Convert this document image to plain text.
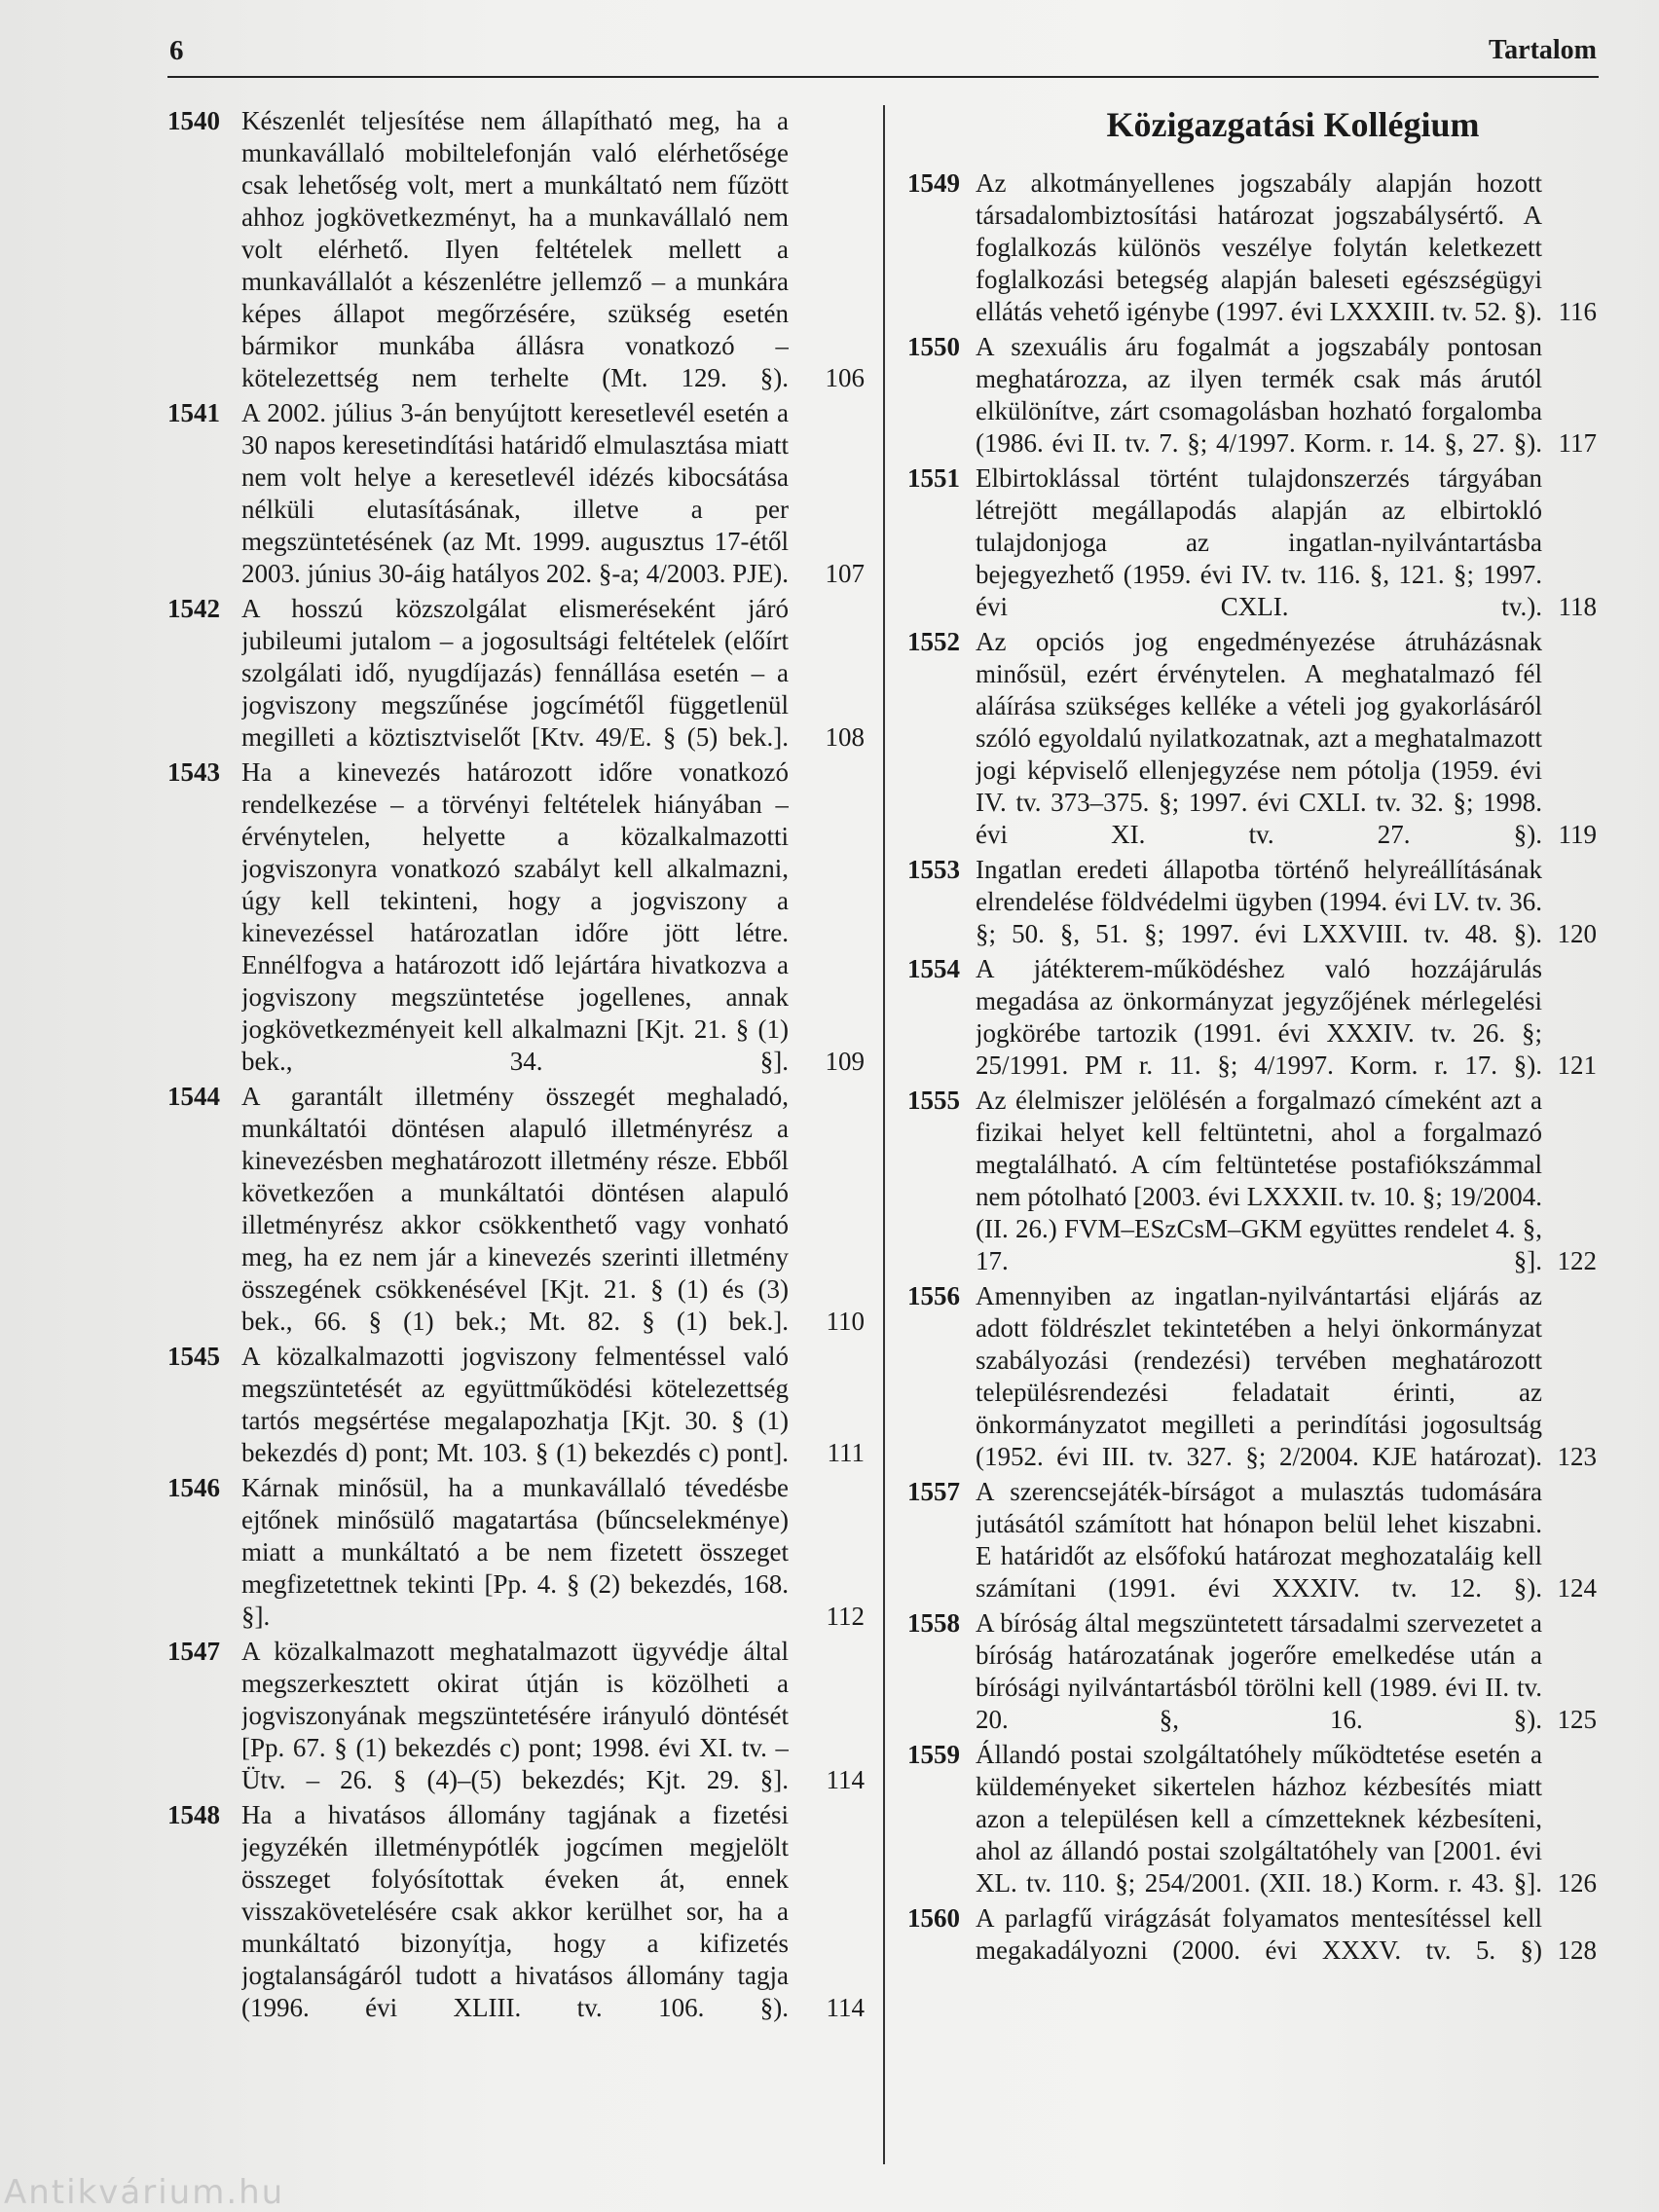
6	Tartalom
1540 Készenlét teljesítése nem állapítható meg, ha a munkavállaló mobiltelefonján való elérhetősége csak lehetőség volt, mert a munkáltató nem fűzött ahhoz jogkövetkezményt, ha a munkavállaló nem volt elérhető. Ilyen feltételek mellett a munkavállalót a készenlétre jellemző – a munkára képes állapot megőrzésére, szükség esetén bármikor munkába állásra vonatkozó – kötelezettség nem terhelte (Mt. 129. §). ..... 106
1541 A 2002. július 3-án benyújtott keresetlevél esetén a 30 napos keresetindítási határidő elmulasztása miatt nem volt helye a keresetlevél idézés kibocsátása nélküli elutasításának, illetve a per megszüntetésének (az Mt. 1999. augusztus 17-étől 2003. június 30-áig hatályos 202. §-a; 4/2003. PJE). ..... 107
1542 A hosszú közszolgálat elismeréseként járó jubileumi jutalom – a jogosultsági feltételek (előírt szolgálati idő, nyugdíjazás) fennállása esetén – a jogviszony megszűnése jogcímétől függetlenül megilleti a köztisztviselőt [Ktv. 49/E. § (5) bek.]. ..... 108
1543 Ha a kinevezés határozott időre vonatkozó rendelkezése – a törvényi feltételek hiányában – érvénytelen, helyette a közalkalmazotti jogviszonyra vonatkozó szabályt kell alkalmazni, úgy kell tekinteni, hogy a jogviszony a kinevezéssel határozatlan időre jött létre. Ennélfogva a határozott idő lejártára hivatkozva a jogviszony megszüntetése jogellenes, annak jogkövetkezményeit kell alkalmazni [Kjt. 21. § (1) bek., 34. §]. ..... 109
1544 A garantált illetmény összegét meghaladó, munkáltatói döntésen alapuló illetményrész a kinevezésben meghatározott illetmény része. Ebből következően a munkáltatói döntésen alapuló illetményrész akkor csökkenthető vagy vonható meg, ha ez nem jár a kinevezés szerinti illetmény összegének csökkenésével [Kjt. 21. § (1) és (3) bek., 66. § (1) bek.; Mt. 82. § (1) bek.]. ..... 110
1545 A közalkalmazotti jogviszony felmentéssel való megszüntetését az együttműködési kötelezettség tartós megsértése megalapozhatja [Kjt. 30. § (1) bekezdés d) pont; Mt. 103. § (1) bekezdés c) pont]. ..... 111
1546 Kárnak minősül, ha a munkavállaló tévedésbe ejtőnek minősülő magatartása (bűncselekménye) miatt a munkáltató a be nem fizetett összeget megfizetettnek tekinti [Pp. 4. § (2) bekezdés, 168. §]. .....	112
1547 A közalkalmazott meghatalmazott ügyvédje által megszerkesztett okirat útján is közölheti a jogviszonyának megszüntetésére irányuló döntését [Pp. 67. § (1) bekezdés c) pont; 1998. évi XI. tv. – Ütv. – 26. § (4)–(5) bekezdés; Kjt. 29. §]. ..... 114
1548 Ha a hivatásos állomány tagjának a fizetési jegyzékén illetménypótlék jogcímen megjelölt összeget folyósítottak éveken át, ennek visszakövetelésére csak akkor kerülhet sor, ha a munkáltató bizonyítja, hogy a kifizetés jogtalanságáról tudott a hivatásos állomány tagja (1996. évi XLIII. tv. 106. §). ..... 114
Közigazgatási Kollégium
1549 Az alkotmányellenes jogszabály alapján hozott társadalombiztosítási határozat jogszabálysértő. A foglalkozás különös veszélye folytán keletkezett foglalkozási betegség alapján baleseti egészségügyi ellátás vehető igénybe (1997. évi LXXXIII. tv. 52. §). ..... 116
1550 A szexuális áru fogalmát a jogszabály pontosan meghatározza, az ilyen termék csak más árutól elkülönítve, zárt csomagolásban hozható forgalomba (1986. évi II. tv. 7. §; 4/1997. Korm. r. 14. §, 27. §). ..... 117
1551 Elbirtoklással történt tulajdonszerzés tárgyában létrejött megállapodás alapján az elbirtokló tulajdonjoga az ingatlan-nyilvántartásba bejegyezhető (1959. évi IV. tv. 116. §, 121. §; 1997. évi CXLI. tv.). ..... 118
1552 Az opciós jog engedményezése átruházásnak minősül, ezért érvénytelen. A meghatalmazó fél aláírása szükséges kelléke a vételi jog gyakorlásáról szóló egyoldalú nyilatkozatnak, azt a meghatalmazott jogi képviselő ellenjegyzése nem pótolja (1959. évi IV. tv. 373–375. §; 1997. évi CXLI. tv. 32. §; 1998. évi XI. tv. 27. §). ..... 119
1553 Ingatlan eredeti állapotba történő helyreállításának elrendelése földvédelmi ügyben (1994. évi LV. tv. 36. §; 50. §, 51. §; 1997. évi LXXVIII. tv. 48. §). ..... 120
1554 A játékterem-működéshez való hozzájárulás megadása az önkormányzat jegyzőjének mérlegelési jogkörébe tartozik (1991. évi XXXIV. tv. 26. §; 25/1991. PM r. 11. §; 4/1997. Korm. r. 17. §). ..... 121
1555 Az élelmiszer jelölésén a forgalmazó címeként azt a fizikai helyet kell feltüntetni, ahol a forgalmazó megtalálható. A cím feltüntetése postafiókszámmal nem pótolható [2003. évi LXXXII. tv. 10. §; 19/2004. (II. 26.) FVM–ESzCsM–GKM együttes rendelet 4. §, 17. §]. ..... 122
1556 Amennyiben az ingatlan-nyilvántartási eljárás az adott földrészlet tekintetében a helyi önkormányzat szabályozási (rendezési) tervében meghatározott településrendezési feladatait érinti, az önkormányzatot megilleti a perindítási jogosultság (1952. évi III. tv. 327. §; 2/2004. KJE határozat). ..... 123
1557 A szerencsejáték-bírságot a mulasztás tudomására jutásától számított hat hónapon belül lehet kiszabni. E határidőt az elsőfokú határozat meghozataláig kell számítani (1991. évi XXXIV. tv. 12. §). ..... 124
1558 A bíróság által megszüntetett társadalmi szervezetet a bíróság határozatának jogerőre emelkedése után a bírósági nyilvántartásból törölni kell (1989. évi II. tv. 20. §, 16. §). ..... 125
1559 Állandó postai szolgáltatóhely működtetése esetén a küldeményeket sikertelen házhoz kézbesítés miatt azon a településen kell a címzetteknek kézbesíteni, ahol az állandó postai szolgáltatóhely van [2001. évi XL. tv. 110. §; 254/2001. (XII. 18.) Korm. r. 43. §]. ..... 126
1560 A parlagfű virágzását folyamatos mentesítéssel kell megakadályozni (2000. évi XXXV. tv. 5. §) ..... 128
Antikvárium.hu
